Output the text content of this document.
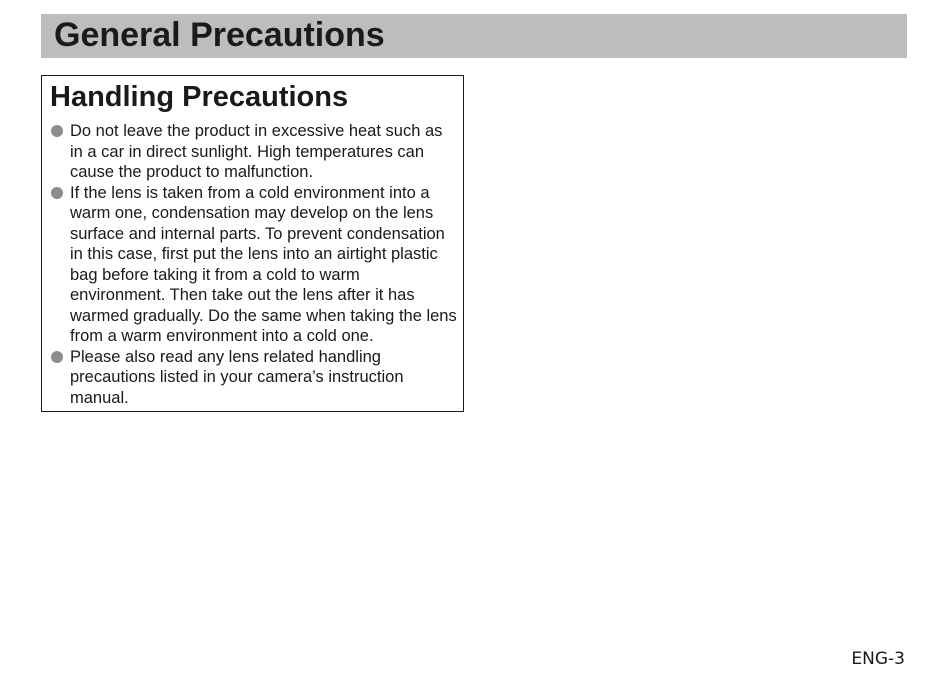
General Precautions
Handling Precautions
Do not leave the product in excessive heat such as in a car in direct sunlight. High temperatures can cause the product to malfunction.
If the lens is taken from a cold environment into a warm one, condensation may develop on the lens surface and internal parts. To prevent condensation in this case, first put the lens into an airtight plastic bag before taking it from a cold to warm environment. Then take out the lens after it has warmed gradually. Do the same when taking the lens from a warm environment into a cold one.
Please also read any lens related handling precautions listed in your camera’s instruction manual.
ENG-3
